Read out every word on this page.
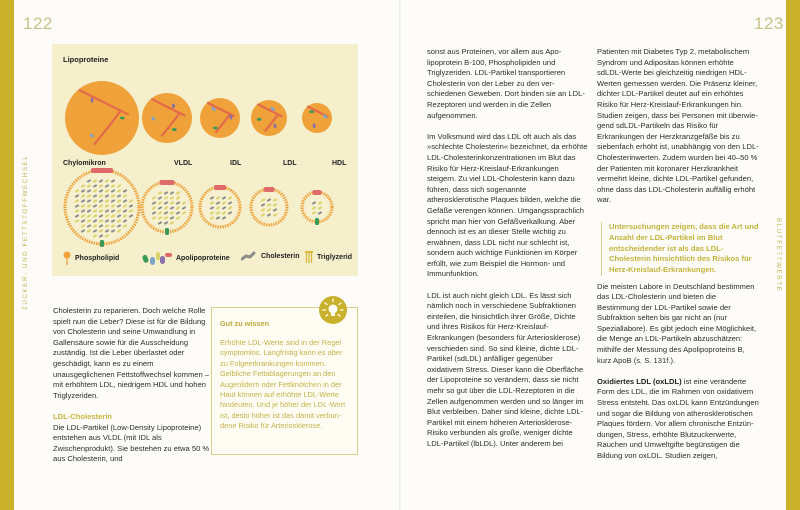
122	123
ZUCKER- UND FETTSTOFFWECHSEL	BLUTFETTWERTE
Lipoproteine
Chylomikron	VLDL	IDL	LDL	HDL
Phospholipid	Apolipoproteine	Cholesterin Triglyzerid

Cholesterin zu reparieren. Doch welche Rolle spielt nun die Leber? Diese ist für die Bildung von Cholesterin und seine Umwandlung in Gallensäure sowie für die Ausscheidung zuständig. Ist die Leber überlastet oder geschädigt, kann es zu einem unausgeglichenen Fettstoffwechsel kommen – mit erhöhtem LDL, niedrigem HDL und hohen Triglyzeriden.

LDL-Cholesterin

Die LDL-Partikel (Low-Density Lipoproteine) entstehen aus VLDL (mit IDL als Zwischenprodukt). Sie bestehen zu etwa 50 % aus Cholesterin, und

Gut zu wissen
Erhöhte LDL-Werte sind in der Regel symptomlos. Langfristig kann es aber zu Folgeerkrankungen kommen. Gelbliche Fettablagerungen an den Augenlidern oder Fettknötchen in der Haut können auf erhöhte LDL-Werte hindeuten. Und je höher der LDL-Wert ist, desto höher ist das damit verbundene Risiko für Arteriosklerose.

sonst aus Proteinen, vor allem aus Apolipoprotein B-100, Phospholipiden und Triglyzeriden. LDL-Partikel transportieren Cholesterin von der Leber zu den verschiedenen Geweben. Dort binden sie an LDL-Rezeptoren und werden in die Zellen aufgenommen.

Im Volksmund wird das LDL oft auch als das »schlechte Cholesterin« bezeichnet, da erhöhte LDL-Cholesterinkonzentrationen im Blut das Risiko für Herz-Kreislauf-Erkrankungen steigern. Zu viel LDL-Cholesterin kann dazu führen, dass sich sogenannte atherosklerotische Plaques bilden, welche die Gefäße verengen können. Umgangssprachlich spricht man hier von Gefäßverkalkung. Aber dennoch ist es an dieser Stelle wichtig zu erwähnen, dass LDL nicht nur schlecht ist, sondern auch wichtige Funktionen im Körper erfüllt, wie zum Beispiel die Hormon- und Immunfunktion.

LDL ist auch nicht gleich LDL. Es lässt sich nämlich noch in verschiedene Subfraktionen einteilen, die hinsichtlich ihrer Größe, Dichte und ihres Risikos für Herz-Kreislauf-Erkrankungen (besonders für Arteriosklerose) verschieden sind. So sind kleine, dichte LDL-Partikel (sdLDL) anfälliger gegenüber oxidativem Stress. Dieser kann die Oberfläche der Lipoproteine so verändern, dass sie nicht mehr so gut über die LDL-Rezeptoren in die Zellen aufgenommen werden und so länger im Blut verbleiben. Daher sind kleine, dichte LDL-Partikel mit einem höheren Arteriosklerose-Risiko verbunden als große, weniger dichte LDL-Partikel (lbLDL). Unter anderem bei

Patienten mit Diabetes Typ 2, metabolischem Syndrom und Adipositas können erhöhte sdLDL-Werte bei gleichzeitig niedrigen HDL-Werten gemessen werden. Die Präsenz kleiner, dichter LDL-Partikel deutet auf ein erhöhtes Risiko für Herz-Kreislauf-Erkrankungen hin. Studien zeigen, dass bei Personen mit überwiegend sdLDL-Partikeln das Risiko für Erkrankungen der Herzkranzgefäße bis zu siebenfach erhöht ist, unabhängig von den LDL-Cholesterinwerten. Zudem wurden bei 40–50 % der Patienten mit koronarer Herzkrankheit vermehrt kleine, dichte LDL-Partikel gefunden, ohne dass das LDL-Cholesterin auffällig erhöht war.

Die meisten Labore in Deutschland bestimmen das LDL-Cholesterin und bieten die Bestimmung der LDL-Partikel sowie der Subfraktion selten bis gar nicht an (nur Speziallabore). Es gibt jedoch eine Möglichkeit, die Menge an LDL-Partikeln abzuschätzen: mithilfe der Messung des Apolipoproteins B, kurz ApoB (s. S. 131f.).

Oxidiertes LDL (oxLDL) ist eine veränderte Form des LDL, die im Rahmen von oxidativem Stress entsteht. Das oxLDL kann Entzündungen und sogar die Bildung von atherosklerotischen Plaques fördern. Vor allem chronische Entzündungen, Stress, erhöhte Blutzuckerwerte, Rauchen und Umweltgifte begünstigen die Bildung von oxLDL. Studien zeigen,

Untersuchungen zeigen, dass die Art und Anzahl der LDL-Partikel im Blut entscheidender ist als das LDL-Cholesterin hinsichtlich des Risikos für Herz-Kreislauf-Erkrankungen.
